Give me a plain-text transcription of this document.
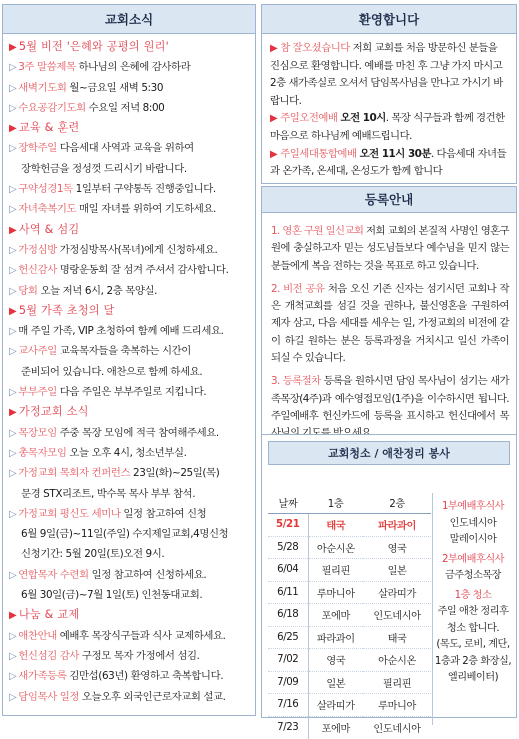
교회소식
▶ 5월 비전 '은혜와 공평의 원리'
▷ 3주 말씀제목 하나님의 은혜에 감사하라
▷ 새벽기도회 월~금요일 새벽 5:30
▷ 수요공감기도회 수요일 저녁 8:00
▶ 교육 & 훈련
▷ 장학주일 다음세대 사역과 교육을 위하여
장학헌금을 정성껏 드리시기 바랍니다.
▷ 구약성경1독 1일부터 구약통독 진행중입니다.
▷ 자녀축복기도 매일 자녀를 위하여 기도하세요.
▶ 사역 & 섬김
▷ 가정심방 가정심방목사(목녀)에게 신청하세요.
▷ 헌신감사 명랑운동회 잘 섬겨 주셔서 감사합니다.
▷ 당회 오늘 저녁 6시, 2층 목양실.
▶ 5월 가족 초청의 달
▷ 매 주일 가족, VIP 초청하여 함께 예배 드리세요.
▷ 교사주일 교육목자들을 축복하는 시간이
준비되어 있습니다. 애찬으로 함께 하세요.
▷ 부부주일 다음 주일은 부부주일로 지킵니다.
▶ 가정교회 소식
▷ 목장모임 주중 목장 모임에 적극 참여해주세요.
▷ 총목자모임 오늘 오후 4시, 청소년부실.
▷ 가정교회 목회자 컨퍼런스 23일(화)~25일(목)
문경 STX리조트, 박수목 목사 부부 참석.
▷ 가정교회 평신도 세미나 일정 참고하여 신청
6월 9일(금)~11일(주일) 수지제일교회,4명신청
신청기간: 5월 20일(토)오전 9시.
▷ 연합목자 수련회 일정 참고하여 신청하세요.
6월 30일(금)~7월 1일(토) 인천동대교회.
▶ 나눔 & 교제
▷ 애찬안내 예배후 목장식구들과 식사 교제하세요.
▷ 헌신섬김 감사 구정모 목자 가정에서 섬김.
▷ 새가족등록 김만섭(63년) 환영하고 축복합니다.
▷ 담임목사 일정 오늘오후 외국인근로자교회 설교.
환영합니다
▶ 참 잘오셨습니다 저희 교회를 처음 방문하신 분들을 진심으로 환영합니다. 예배를 마친 후 그냥 가지 마시고 2층 새가족실로 오셔서 담임목사님을 만나고 가시기 바랍니다.
▶ 주일오전예배 오전 10시. 목장 식구들과 함께 경건한 마음으로 하나님께 예배드립니다.
▶ 주일세대통합예배 오전 11시 30분. 다음세대 자녀들과 온가족, 온세대, 온성도가 함께 합니다
등록안내
1. 영혼 구원 일신교회 저희 교회의 본질적 사명인 영혼구원에 충실하고자 믿는 성도님들보다 예수님을 믿지 않는 분들에게 복음 전하는 것을 목표로 하고 있습니다.
2. 비전 공유 처음 오신 기존 신자는 섬기시던 교회나 작은 개척교회를 섬길 것을 권하나, 불신영혼을 구원하여 제자 삼고, 다음 세대를 세우는 일, 가정교회의 비전에 같이 하길 원하는 분은 등록과정을 거치시고 일신 가족이 되실 수 있습니다.
3. 등록절차 등록을 원하시면 담임 목사님이 섬기는 새가족목장(4주)과 예수영접모임(1주)을 이수하시면 됩니다. 주일예배후 헌신카드에 등록을 표시하고 헌신대에서 목
교회청소 / 애찬정리 봉사
날짜	1층	2층
5/21	태국	파라과이
5/28	아순시온	영국
6/04	필리핀	일본
6/11	루마니아	살라띠가
6/18	포에마	인도네시아
6/25	파라과이	태국
7/02	영국	아순시온
7/09	일본	필리핀
7/16	살라띠가	루마니아
7/23	포에마	인도네시아
1부예배후식사
인도네시아
말레이시아
2부예배후식사
금주청소목장
1층 청소
주일 애찬 정리후
청소 합니다.
(목도, 로비, 계단,
1층과 2층 화장실,
엘리베이터)
